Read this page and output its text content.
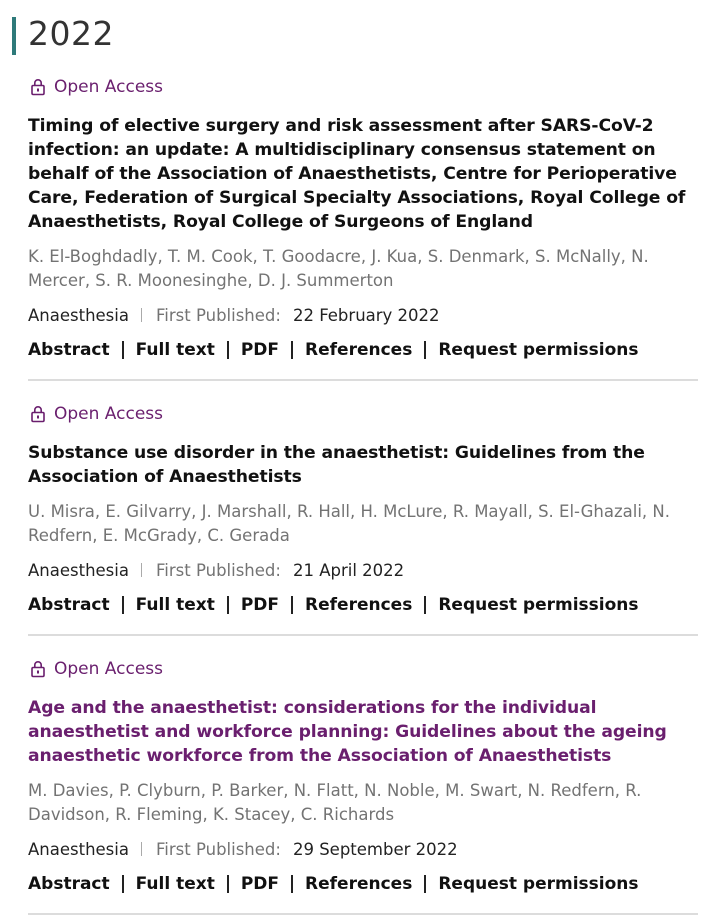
2022
Open Access
Timing of elective surgery and risk assessment after SARS-CoV-2 infection: an update: A multidisciplinary consensus statement on behalf of the Association of Anaesthetists, Centre for Perioperative Care, Federation of Surgical Specialty Associations, Royal College of Anaesthetists, Royal College of Surgeons of England
K. El-Boghdadly, T. M. Cook, T. Goodacre, J. Kua, S. Denmark, S. McNally, N. Mercer, S. R. Moonesinghe, D. J. Summerton
Anaesthesia First Published: 22 February 2022
Abstract Full text PDF References Request permissions
Open Access
Substance use disorder in the anaesthetist: Guidelines from the Association of Anaesthetists
U. Misra, E. Gilvarry, J. Marshall, R. Hall, H. McLure, R. Mayall, S. El-Ghazali, N. Redfern, E. McGrady, C. Gerada
Anaesthesia First Published: 21 April 2022
Abstract Full text PDF References Request permissions
Open Access
Age and the anaesthetist: considerations for the individual anaesthetist and workforce planning: Guidelines about the ageing anaesthetic workforce from the Association of Anaesthetists
M. Davies, P. Clyburn, P. Barker, N. Flatt, N. Noble, M. Swart, N. Redfern, R. Davidson, R. Fleming, K. Stacey, C. Richards
Anaesthesia First Published: 29 September 2022
Abstract Full text PDF References Request permissions
